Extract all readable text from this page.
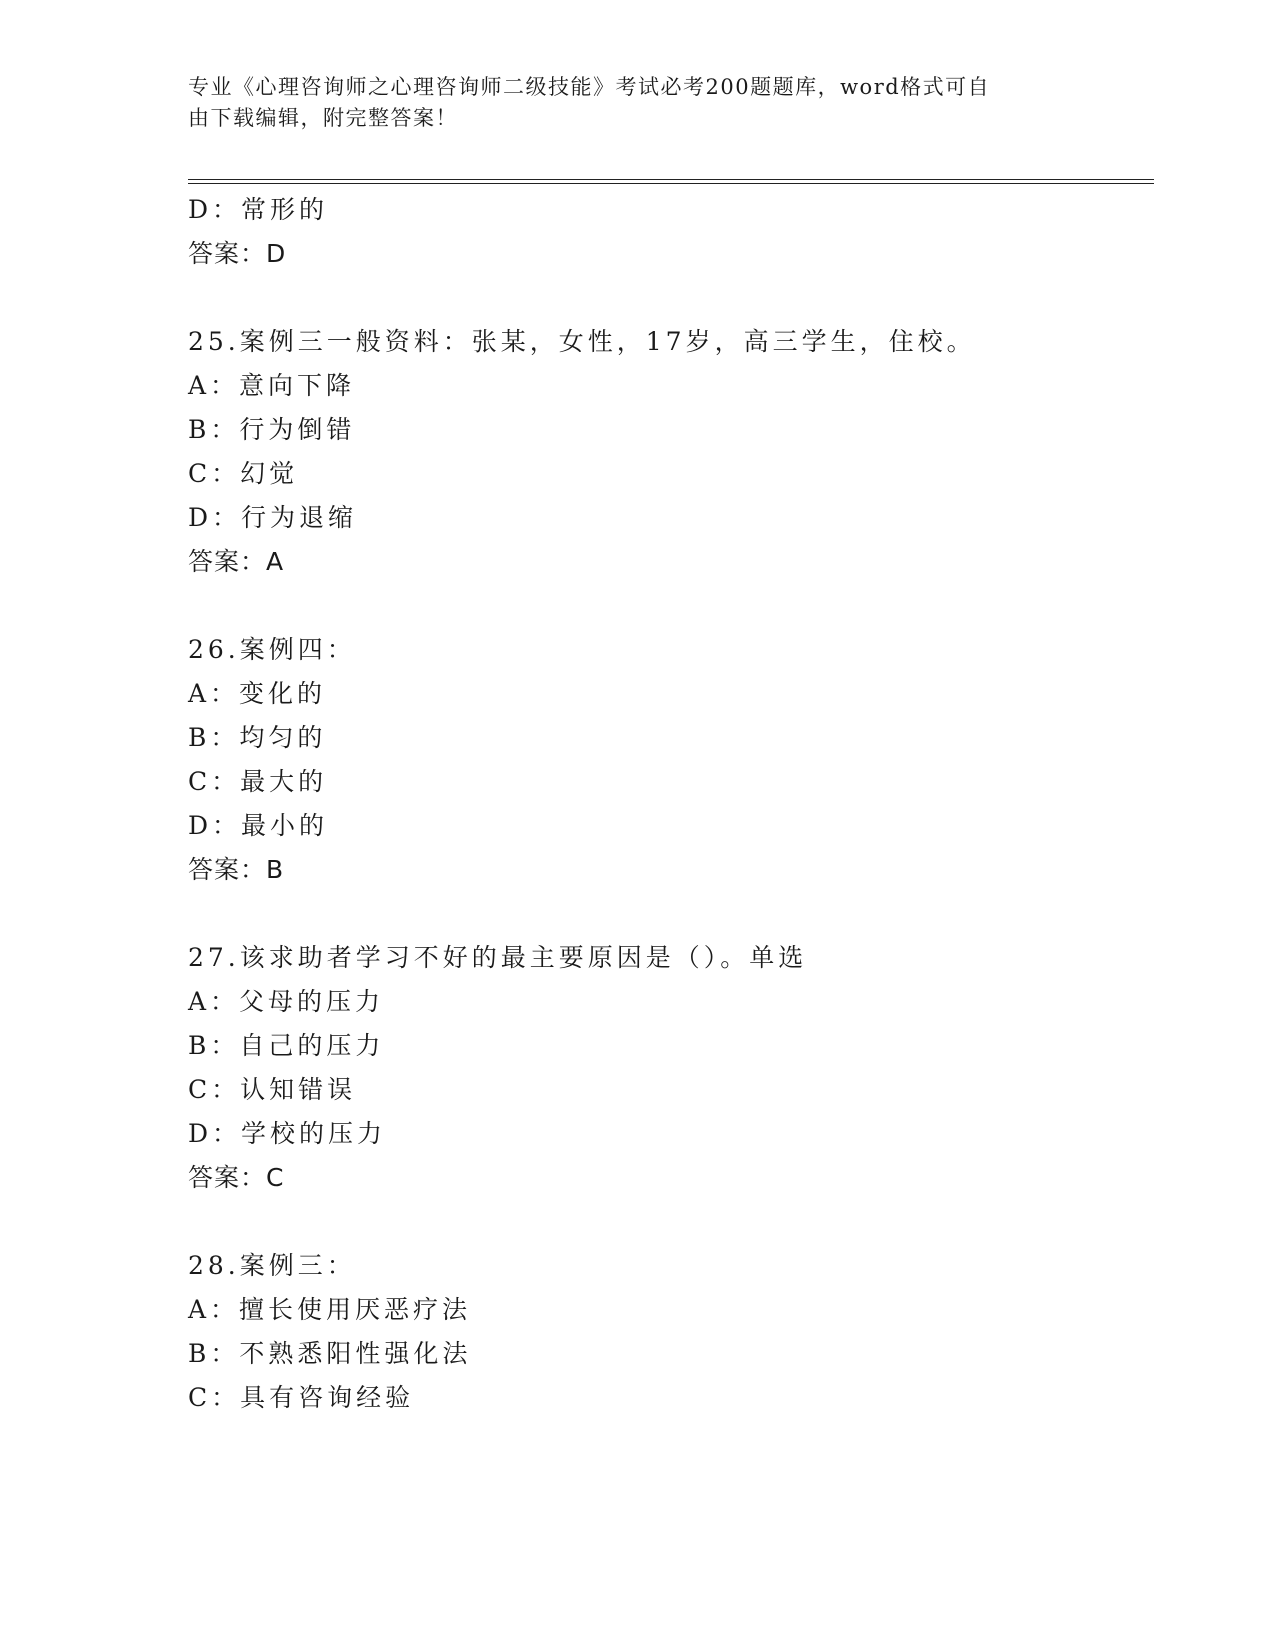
专业《心理咨询师之心理咨询师二级技能》考试必考200题题库，word格式可自
由下载编辑，附完整答案！
D：常形的
答案：D
25.案例三一般资料：张某，女性，17岁，高三学生，住校。
A：意向下降
B：行为倒错
C：幻觉
D：行为退缩
答案：A
26.案例四：
A：变化的
B：均匀的
C：最大的
D：最小的
答案：B
27.该求助者学习不好的最主要原因是（）。单选
A：父母的压力
B：自己的压力
C：认知错误
D：学校的压力
答案：C
28.案例三：
A：擅长使用厌恶疗法
B：不熟悉阳性强化法
C：具有咨询经验
